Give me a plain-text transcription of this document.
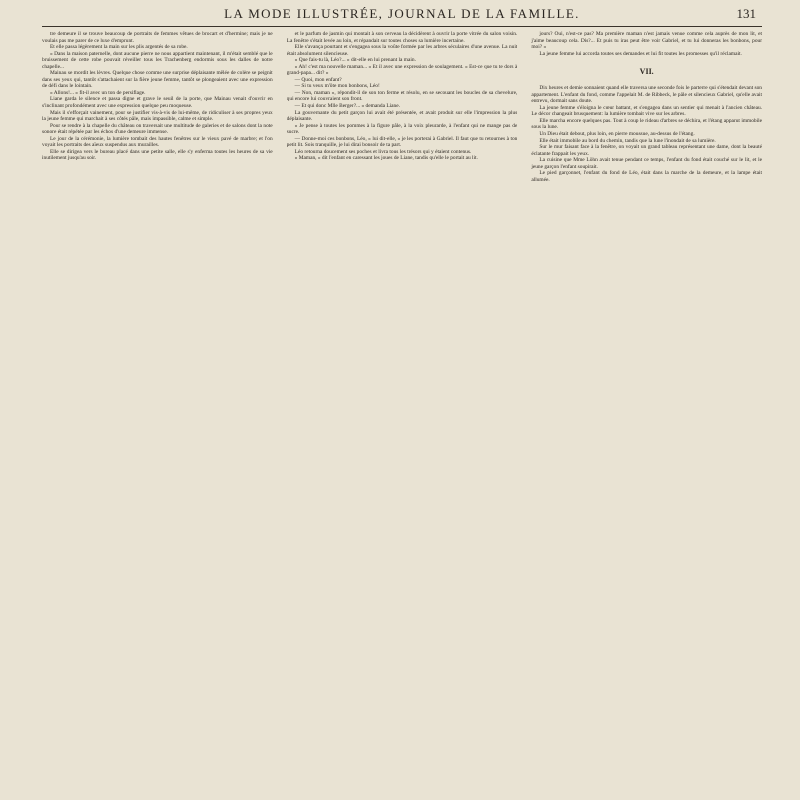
LA MODE ILLUSTRÉE, JOURNAL DE LA FAMILLE.	131

tre demeure il se trouve beaucoup de portraits de femmes vêtues de brocart et d'hermine; mais je ne voulais pas me parer de ce luxe d'emprunt.

Et elle passa légèrement la main sur les plis argentés de sa robe.

« Dans la maison paternelle, dont aucune pierre ne nous appartient maintenant, il m'était semblé que le bruissement de cette robe pouvait réveiller tous les Trachenberg endormis sous les dalles de notre chapelle...

Mainau se mordit les lèvres. Quelque chose comme une surprise déplaisante mêlée de colère se peignit dans ses yeux qui, tantôt s'attachaient sur la fière jeune femme, tantôt se plongeaient avec une expression de défi dans le lointain.

« Allons!... » fit-il avec un ton de persiflage.

Liane garda le silence et passa digne et grave le seuil de la porte, que Mainau venait d'ouvrir en s'inclinant profondément avec une expression quelque peu moqueuse.

Mais il s'efforçait vainement, pour se justifier vis-à-vis de lui-même, de ridiculiser à ses propres yeux la jeune femme qui marchait à ses côtés pâle, mais impassible, calme et simple.

Pour se rendre à la chapelle du château on traversait une multitude de galeries et de salons dont la note sonore était répétée par les échos d'une demeure immense.

Le jour de la cérémonie, la lumière tombait des hautes fenêtres sur le vieux pavé de marbre; et l'on voyait les portraits des aïeux suspendus aux murailles.

Elle se dirigea vers le bureau placé dans une petite salle, elle s'y enferma toutes les heures de sa vie inutilement jusqu'au soir.

et le parfum de jasmin qui montait à son cerveau la décidèrent à ouvrir la porte vitrée du salon voisin. La fenêtre s'était levée au loin, et répandait sur toutes choses sa lumière incertaine.

Elle s'avança pourtant et s'engagea sous la voûte formée par les arbres séculaires d'une avenue. La nuit était absolument silencieuse.

« Que fais-tu là, Léo?... » dit-elle en lui prenant la main.

« Ah! c'est ma nouvelle maman... » Et il avec une expression de soulagement. « Est-ce que tu te dors à grand-papa... dit? »

— Quoi, mon enfant?

— Si tu veux m'ôte mon bonbons, Léo!

— Non, maman », répondit-il de son ton ferme et résolu, en se secouant les boucles de sa chevelure, qui encore lui couvraient son front.

— Et qui donc Mlle Berger?... » demanda Liane.

La gouvernante du petit garçon lui avait été présentée, et avait produit sur elle l'impression la plus déplaisante.

« Je pense à toutes les pommes à la figure pâle, à la voix pleurarde, à l'enfant qui ne mange pas de sucre.

— Donne-moi ces bonbons, Léo, » lui dit-elle, « je les porterai à Gabriel. Il faut que tu retournes à ton petit lit. Sois tranquille, je lui dirai bonsoir de ta part.

Léo retourna doucement ses poches et livra tous les trésors qui y étaient contenus.

« Maman, » dit l'enfant en caressant les joues de Liane, tandis qu'elle le portait au lit.

jours? Oui, n'est-ce pas? Ma première maman n'est jamais venue comme cela auprès de mon lit, et j'aime beaucoup cela. Dis?... Et puis tu iras peut être voir Gabriel, et tu lui donneras les bonbons, pour moi? »

La jeune femme lui accorda toutes ses demandes et lui fit toutes les promesses qu'il réclamait.

VII.

Dix heures et demie sonnaient quand elle traversa une seconde fois le parterre qui s'étendait devant son appartement. L'enfant du fond, comme l'appelait M. de Ribbeck, le pâle et silencieux Gabriel, qu'elle avait entrevu, dormait sans doute.

La jeune femme s'éloigna le cœur battant, et s'engagea dans un sentier qui menait à l'ancien château. Le décor changeait brusquement: la lumière tombait vive sur les arbres.

Elle marcha encore quelques pas. Tout à coup le rideau d'arbres se déchira, et l'étang apparut immobile sous la lune.

Un Dieu était debout, plus loin, en pierre moussue, au-dessus de l'étang.

Elle était immobile au bord du chemin, tandis que la lune l'inondait de sa lumière.

Sur le mur faisant face à la fenêtre, on voyait un grand tableau représentant une dame, dont la beauté éclatante frappait les yeux.

La cuisine que Mme Löhn avait tenue pendant ce temps, l'enfant du fond était couché sur le lit, et le jeune garçon l'enfant soupirait.

Le pied garçonnet, l'enfant du fond de Léo, était dans la marche de la demeure, et la lampe était allumée.
